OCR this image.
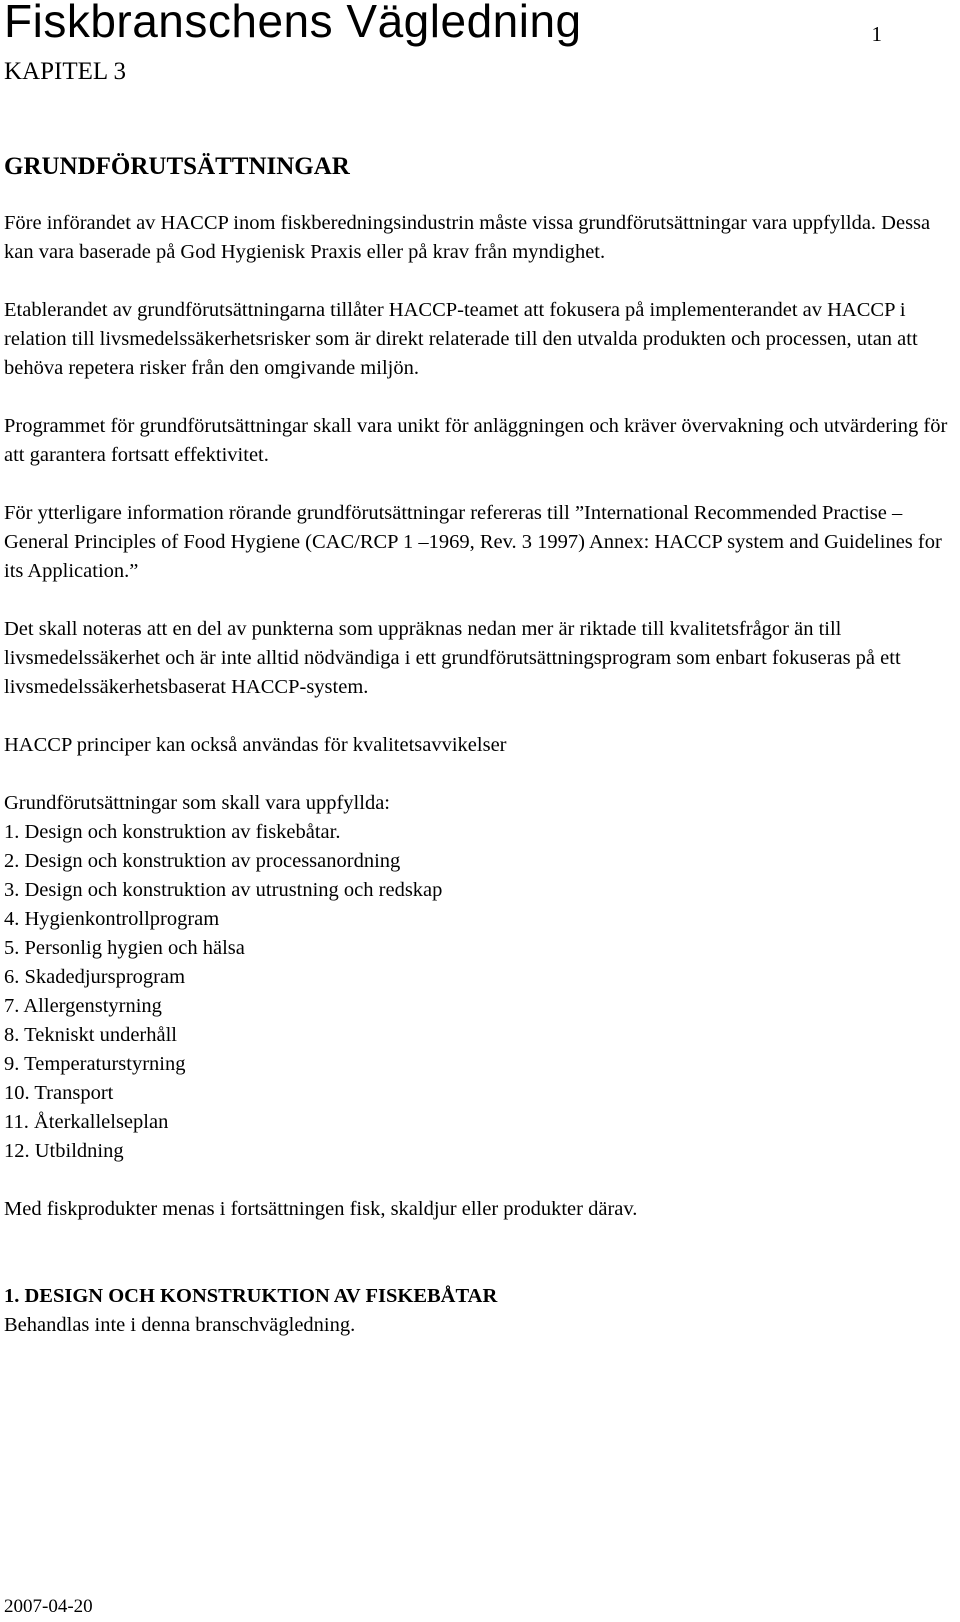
Fiskbranschens Vägledning	1
KAPITEL 3

GRUNDFÖRUTSÄTTNINGAR

Före införandet av HACCP inom fiskberedningsindustrin måste vissa grundförutsättningar vara uppfyllda. Dessa kan vara baserade på God Hygienisk Praxis eller på krav från myndighet.

Etablerandet av grundförutsättningarna tillåter HACCP-teamet att fokusera på implementerandet av HACCP i relation till livsmedelssäkerhetsrisker som är direkt relaterade till den utvalda produkten och processen, utan att behöva repetera risker från den omgivande miljön.

Programmet för grundförutsättningar skall vara unikt för anläggningen och kräver övervakning och utvärdering för att garantera fortsatt effektivitet.

För ytterligare information rörande grundförutsättningar refereras till ”International Recommended Practise – General Principles of Food Hygiene (CAC/RCP 1 –1969, Rev. 3 1997) Annex: HACCP system and Guidelines for its Application.”

Det skall noteras att en del av punkterna som uppräknas nedan mer är riktade till kvalitetsfrågor än till livsmedelssäkerhet och är inte alltid nödvändiga i ett grundförutsättningsprogram som enbart fokuseras på ett livsmedelssäkerhetsbaserat HACCP-system.

HACCP principer kan också användas för kvalitetsavvikelser

Grundförutsättningar som skall vara uppfyllda:

1. Design och konstruktion av fiskebåtar.
2. Design och konstruktion av processanordning
3. Design och konstruktion av utrustning och redskap
4. Hygienkontrollprogram
5. Personlig hygien och hälsa
6. Skadedjursprogram
7. Allergenstyrning
8. Tekniskt underhåll
9. Temperaturstyrning
10. Transport
11. Återkallelseplan
12. Utbildning

Med fiskprodukter menas i fortsättningen fisk, skaldjur eller produkter därav.

1. DESIGN OCH KONSTRUKTION AV FISKEBÅTAR

Behandlas inte i denna branschvägledning.

2007-04-20
